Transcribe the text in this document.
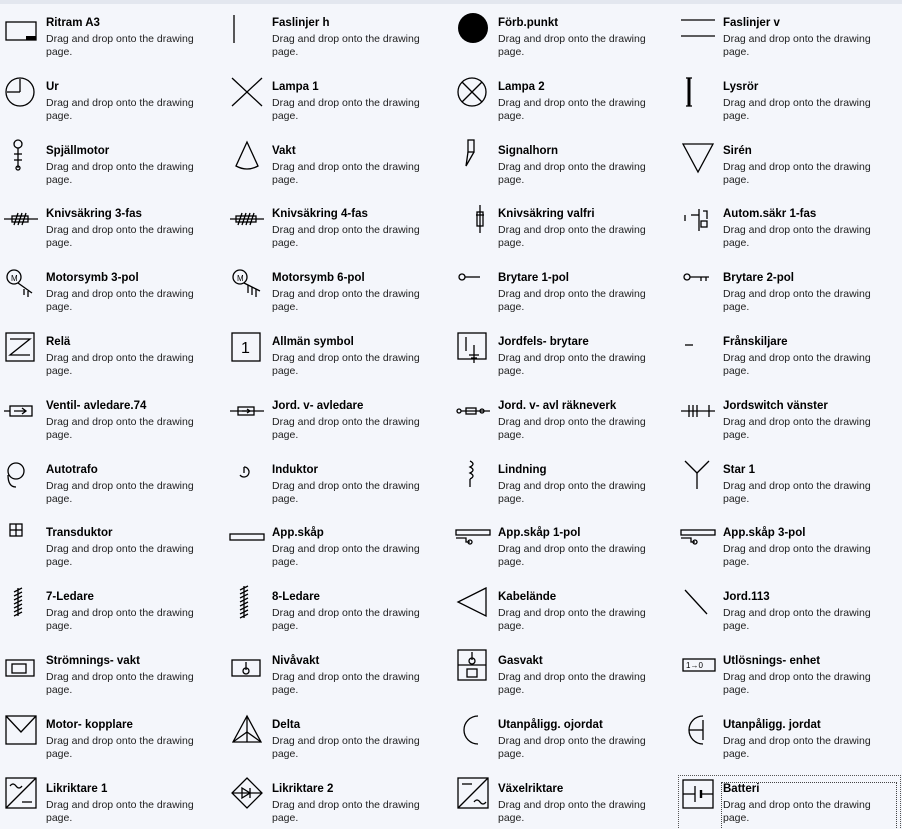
Ritram A3
Drag and drop onto the drawing page.
Faslinjer h
Drag and drop onto the drawing page.
Förb.punkt
Drag and drop onto the drawing page.
Faslinjer v
Drag and drop onto the drawing page.
Ur
Drag and drop onto the drawing page.
Lampa 1
Drag and drop onto the drawing page.
Lampa 2
Drag and drop onto the drawing page.
Lysrör
Drag and drop onto the drawing page.
Spjällmotor
Drag and drop onto the drawing page.
Vakt
Drag and drop onto the drawing page.
Signalhorn
Drag and drop onto the drawing page.
Sirén
Drag and drop onto the drawing page.
Knivsäkring 3-fas
Drag and drop onto the drawing page.
Knivsäkring 4-fas
Drag and drop onto the drawing page.
Knivsäkring valfri
Drag and drop onto the drawing page.
Autom.säkr 1-fas
Drag and drop onto the drawing page.
M Motorsymb 3-pol
Drag and drop onto the drawing page.
M Motorsymb 6-pol
Drag and drop onto the drawing page.
Brytare 1-pol
Drag and drop onto the drawing page.
Brytare 2-pol
Drag and drop onto the drawing page.
Relä
Drag and drop onto the drawing page.
1 Allmän symbol
Drag and drop onto the drawing page.
Jordfels- brytare
Drag and drop onto the drawing page.
Frånskiljare
Drag and drop onto the drawing page.
Ventil- avledare.74
Drag and drop onto the drawing page.
Jord. v- avledare
Drag and drop onto the drawing page.
Jord. v- avl räkneverk
Drag and drop onto the drawing page.
Jordswitch vänster
Drag and drop onto the drawing page.
Autotrafo
Drag and drop onto the drawing page.
Induktor
Drag and drop onto the drawing page.
Lindning
Drag and drop onto the drawing page.
Star 1
Drag and drop onto the drawing page.
Transduktor
Drag and drop onto the drawing page.
App.skåp
Drag and drop onto the drawing page.
App.skåp 1-pol
Drag and drop onto the drawing page.
App.skåp 3-pol
Drag and drop onto the drawing page.
7-Ledare
Drag and drop onto the drawing page.
8-Ledare
Drag and drop onto the drawing page.
Kabelände
Drag and drop onto the drawing page.
Jord.113
Drag and drop onto the drawing page.
Strömnings- vakt
Drag and drop onto the drawing page.
Nivåvakt
Drag and drop onto the drawing page.
Gasvakt
Drag and drop onto the drawing page.
1→0 Utlösnings- enhet
Drag and drop onto the drawing page.
Motor- kopplare
Drag and drop onto the drawing page.
Delta
Drag and drop onto the drawing page.
Utanpåligg. ojordat
Drag and drop onto the drawing page.
Utanpåligg. jordat
Drag and drop onto the drawing page.
Likriktare 1
Drag and drop onto the drawing page.
Likriktare 2
Drag and drop onto the drawing page.
Växelriktare
Drag and drop onto the drawing page.
Batteri
Drag and drop onto the drawing page.
